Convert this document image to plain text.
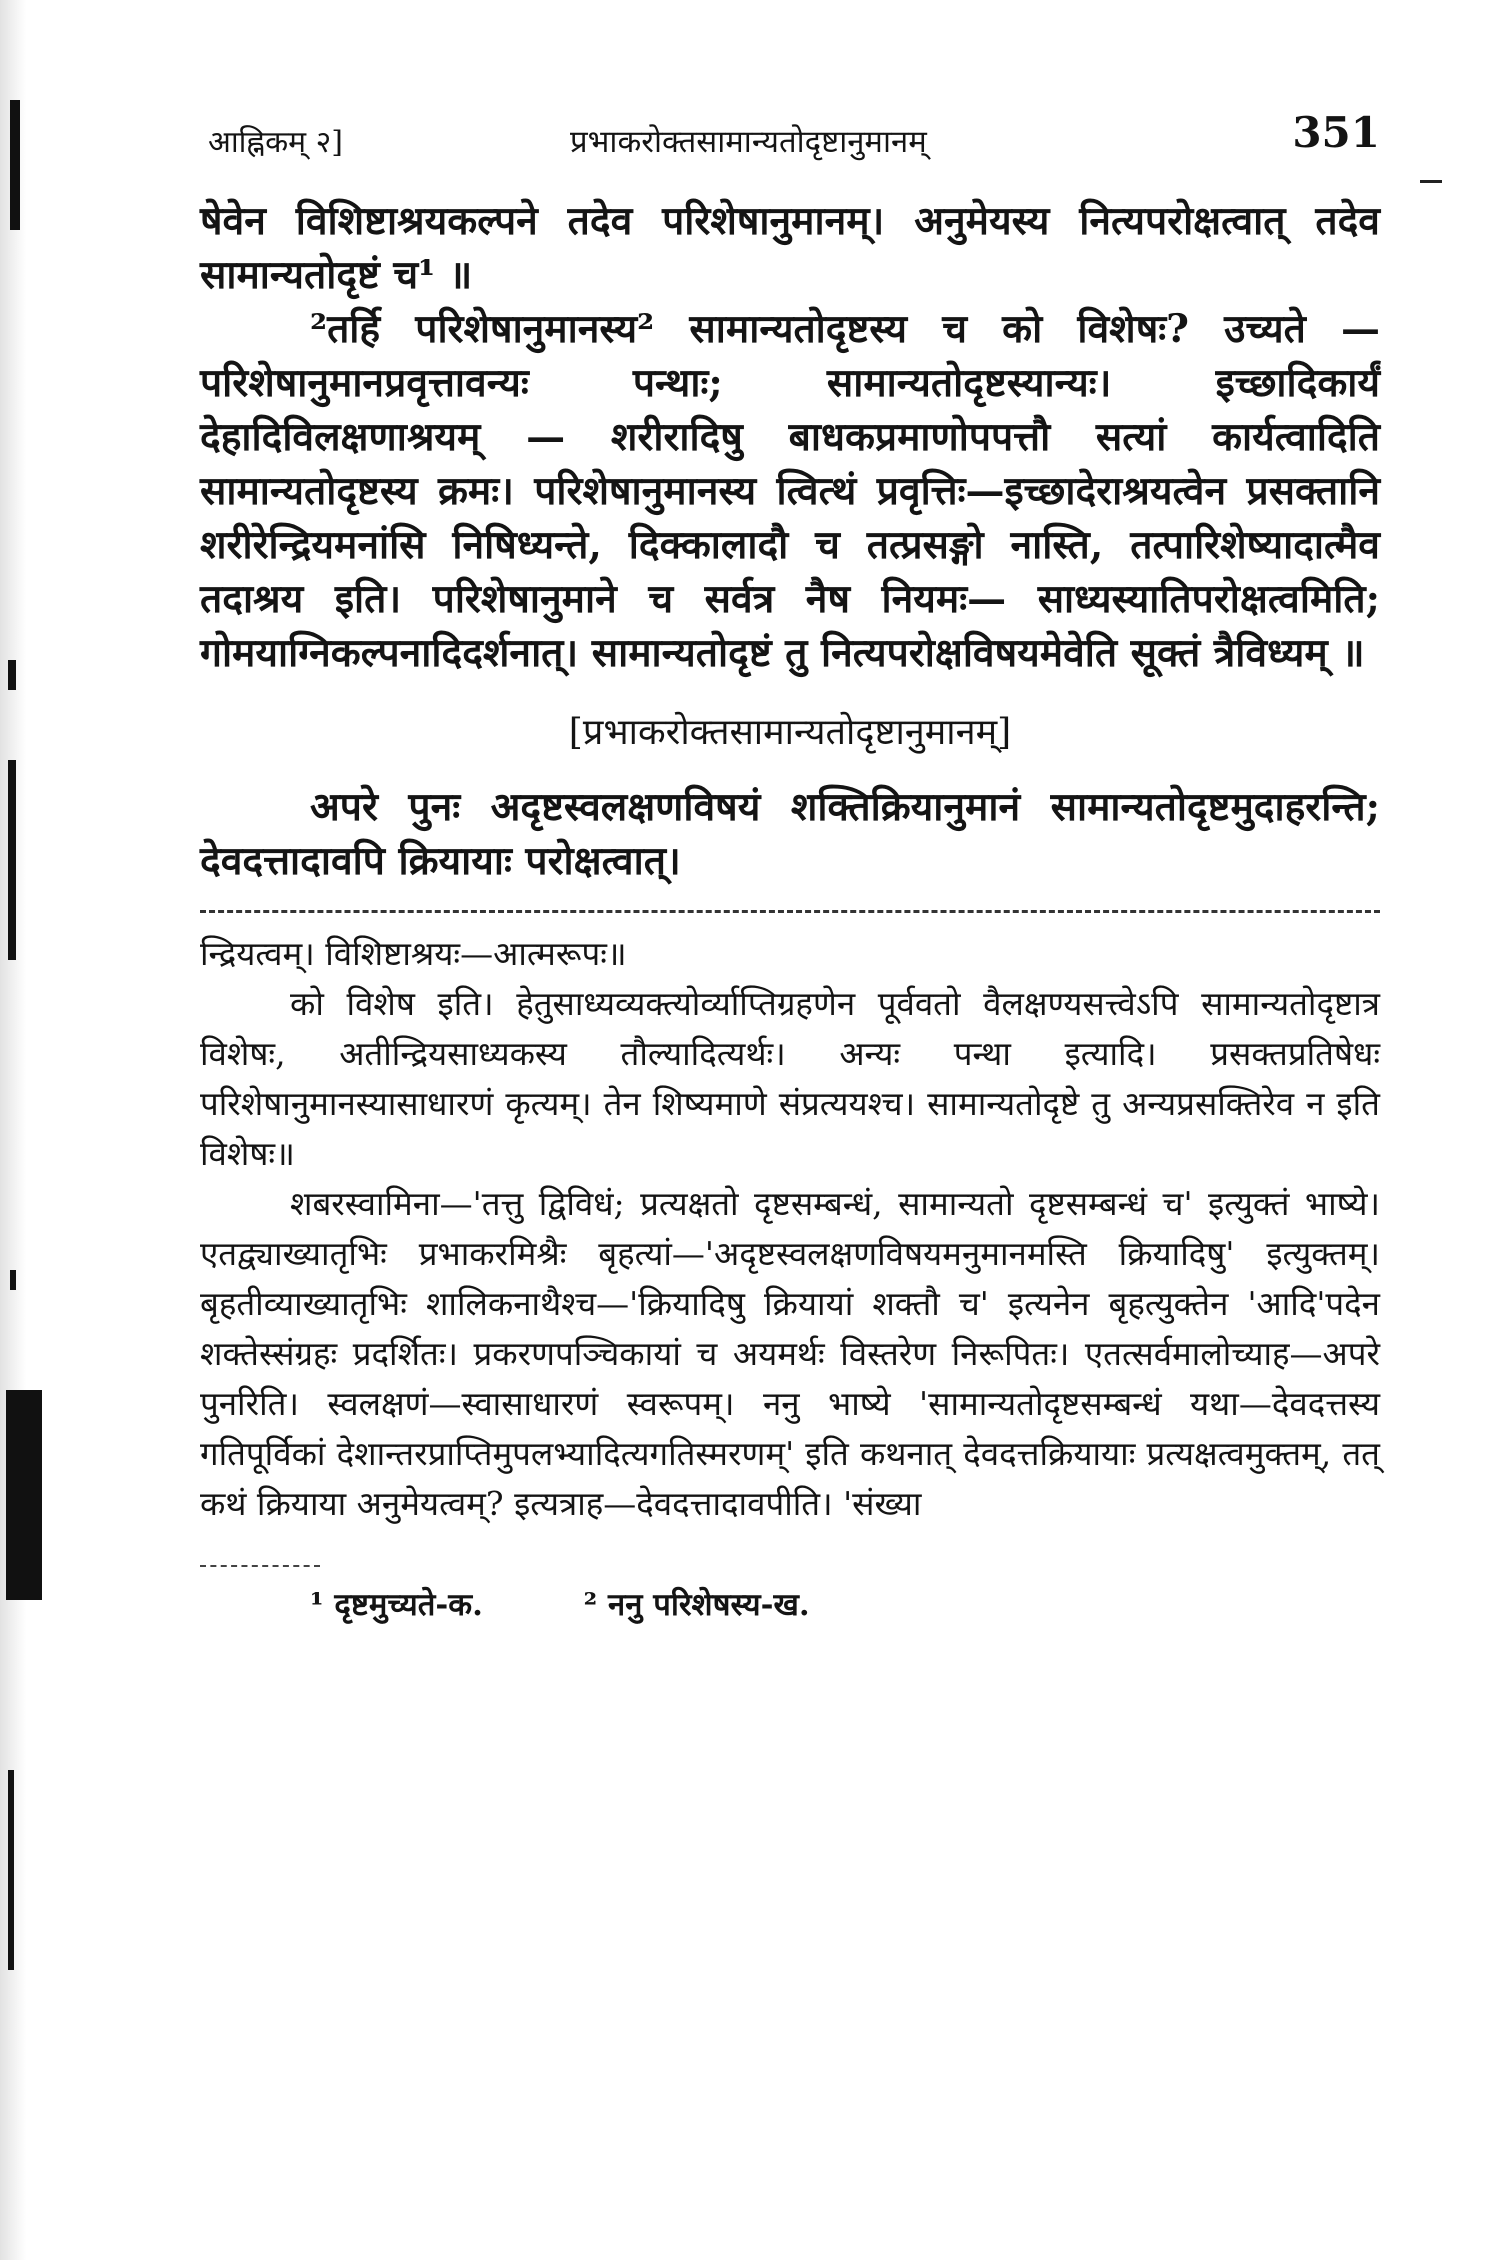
आह्निकम् २]	प्रभाकरोक्तसामान्यतोदृष्टानुमानम्	351

षेवेन विशिष्टाश्रयकल्पने तदेव परिशेषानुमानम्। अनुमेयस्य नित्यपरोक्षत्वात् तदेव सामान्यतोदृष्टं च¹ ॥

²तर्हि परिशेषानुमानस्य² सामान्यतोदृष्टस्य च को विशेषः? उच्यते — परिशेषानुमानप्रवृत्तावन्यः पन्थाः; सामान्यतोदृष्टस्यान्यः। इच्छादिकार्यं देहादिविलक्षणाश्रयम् — शरीरादिषु बाधकप्रमाणोपपत्तौ सत्यां कार्यत्वादिति सामान्यतोदृष्टस्य क्रमः। परिशेषानुमानस्य त्वित्थं प्रवृत्तिः—इच्छादेराश्रयत्वेन प्रसक्तानि शरीरेन्द्रियमनांसि निषिध्यन्ते, दिक्कालादौ च तत्प्रसङ्गो नास्ति, तत्पारिशेष्यादात्मैव तदाश्रय इति। परिशेषानुमाने च सर्वत्र नैष नियमः— साध्यस्यातिपरोक्षत्वमिति; गोमयाग्निकल्पनादिदर्शनात्। सामान्यतोदृष्टं तु नित्यपरोक्षविषयमेवेति सूक्तं त्रैविध्यम् ॥

[प्रभाकरोक्तसामान्यतोदृष्टानुमानम्]

अपरे पुनः अदृष्टस्वलक्षणविषयं शक्तिक्रियानुमानं सामान्यतोदृष्टमुदाहरन्ति; देवदत्तादावपि क्रियायाः परोक्षत्वात्।

न्द्रियत्वम्। विशिष्टाश्रयः—आत्मरूपः॥

को विशेष इति। हेतुसाध्यव्यक्त्योर्व्याप्तिग्रहणेन पूर्ववतो वैलक्षण्यसत्त्वेऽपि सामान्यतोदृष्टात्र विशेषः, अतीन्द्रियसाध्यकस्य तौल्यादित्यर्थः। अन्यः पन्था इत्यादि। प्रसक्तप्रतिषेधः परिशेषानुमानस्यासाधारणं कृत्यम्। तेन शिष्यमाणे संप्रत्ययश्च। सामान्यतोदृष्टे तु अन्यप्रसक्तिरेव न इति विशेषः॥

शबरस्वामिना—'तत्तु द्विविधं; प्रत्यक्षतो दृष्टसम्बन्धं, सामान्यतो दृष्टसम्बन्धं च' इत्युक्तं भाष्ये। एतद्व्याख्यातृभिः प्रभाकरमिश्रैः बृहत्यां—'अदृष्टस्वलक्षणविषयमनुमानमस्ति क्रियादिषु' इत्युक्तम्। बृहतीव्याख्यातृभिः शालिकनाथैश्च—'क्रियादिषु क्रियायां शक्तौ च' इत्यनेन बृहत्युक्तेन 'आदि'पदेन शक्तेस्संग्रहः प्रदर्शितः। प्रकरणपञ्चिकायां च अयमर्थः विस्तरेण निरूपितः। एतत्सर्वमालोच्याह—अपरे पुनरिति। स्वलक्षणं—स्वासाधारणं स्वरूपम्। ननु भाष्ये 'सामान्यतोदृष्टसम्बन्धं यथा—देवदत्तस्य गतिपूर्विकां देशान्तरप्राप्तिमुपलभ्यादित्यगतिस्मरणम्' इति कथनात् देवदत्तक्रियायाः प्रत्यक्षत्वमुक्तम्, तत् कथं क्रियाया अनुमेयत्वम्? इत्यत्राह—देवदत्तादावपीति। 'संख्या

¹ दृष्टमुच्यते-क.	² ननु परिशेषस्य-ख.
